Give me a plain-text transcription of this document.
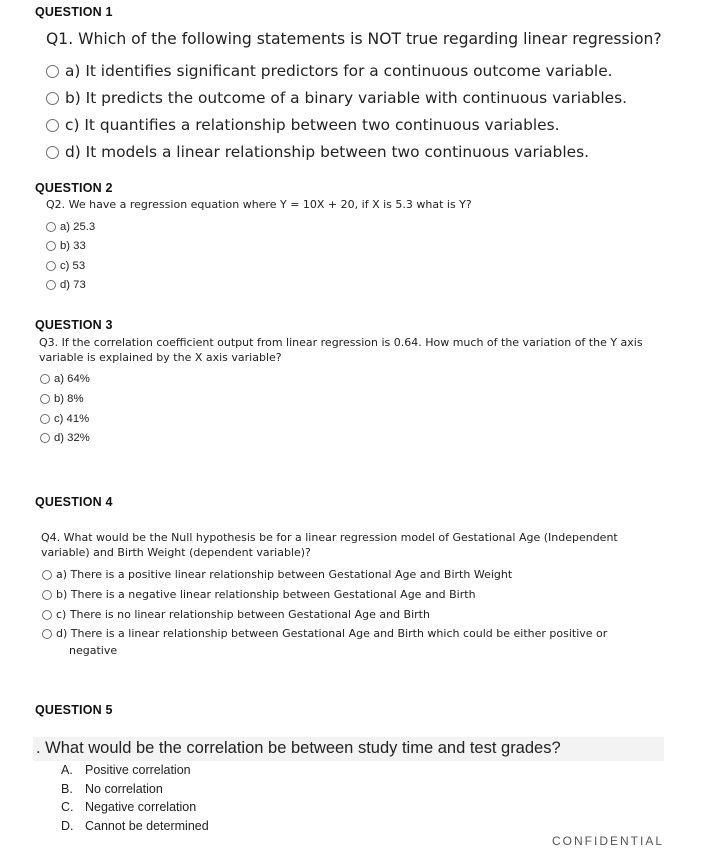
QUESTION 1
Q1. Which of the following statements is NOT true regarding linear regression?
a) It identifies significant predictors for a continuous outcome variable.
b) It predicts the outcome of a binary variable with continuous variables.
c) It quantifies a relationship between two continuous variables.
d) It models a linear relationship between two continuous variables.
QUESTION 2
Q2. We have a regression equation where Y = 10X + 20, if X is 5.3 what is Y?
a) 25.3
b) 33
c) 53
d) 73
QUESTION 3
Q3. If the correlation coefficient output from linear regression is 0.64. How much of the variation of the Y axis variable is explained by the X axis variable?
a) 64%
b) 8%
c) 41%
d) 32%
QUESTION 4
Q4. What would be the Null hypothesis be for a linear regression model of Gestational Age (Independent variable) and Birth Weight (dependent variable)?
a) There is a positive linear relationship between Gestational Age and Birth Weight
b) There is a negative linear relationship between Gestational Age and Birth
c) There is no linear relationship between Gestational Age and Birth
d) There is a linear relationship between Gestational Age and Birth which could be either positive or
negative
QUESTION 5
. What would be the correlation be between study time and test grades?
A. Positive correlation
B. No correlation
C. Negative correlation
D. Cannot be determined
CONFIDENTIAL
